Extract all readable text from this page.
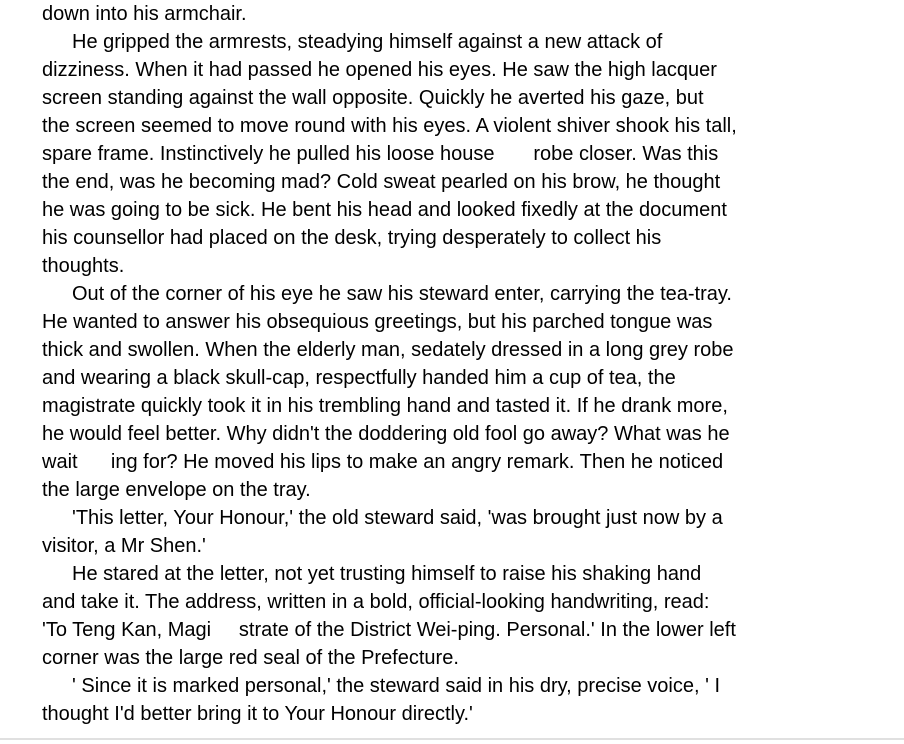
down into his armchair.
He gripped the armrests, steadying himself against a new attack of
dizziness. When it had passed he opened his eyes. He saw the high lacquer
screen standing against the wall opposite. Quickly he averted his gaze, but
the screen seemed to move round with his eyes. A violent shiver shook his tall,
spare frame. Instinctively he pulled his loose house       robe closer. Was this
the end, was he becoming mad? Cold sweat pearled on his brow, he thought
he was going to be sick. He bent his head and looked fixedly at the document
his counsellor had placed on the desk, trying desperately to collect his
thoughts.
Out of the corner of his eye he saw his steward enter, carrying the tea-tray.
He wanted to answer his obsequious greetings, but his parched tongue was
thick and swollen. When the elderly man, sedately dressed in a long grey robe
and wearing a black skull-cap, respectfully handed him a cup of tea, the
magistrate quickly took it in his trembling hand and tasted it. If he drank more,
he would feel better. Why didn't the doddering old fool go away? What was he
wait      ing for? He moved his lips to make an angry remark. Then he noticed
the large envelope on the tray.
'This letter, Your Honour,' the old steward said, 'was brought just now by a
visitor, a Mr Shen.'
He stared at the letter, not yet trusting himself to raise his shaking hand
and take it. The address, written in a bold, official-looking handwriting, read:
'To Teng Kan, Magi     strate of the District Wei-ping. Personal.' In the lower left
corner was the large red seal of the Prefecture.
' Since it is marked personal,' the steward said in his dry, precise voice, ' I
thought I'd better bring it to Your Honour directly.'
